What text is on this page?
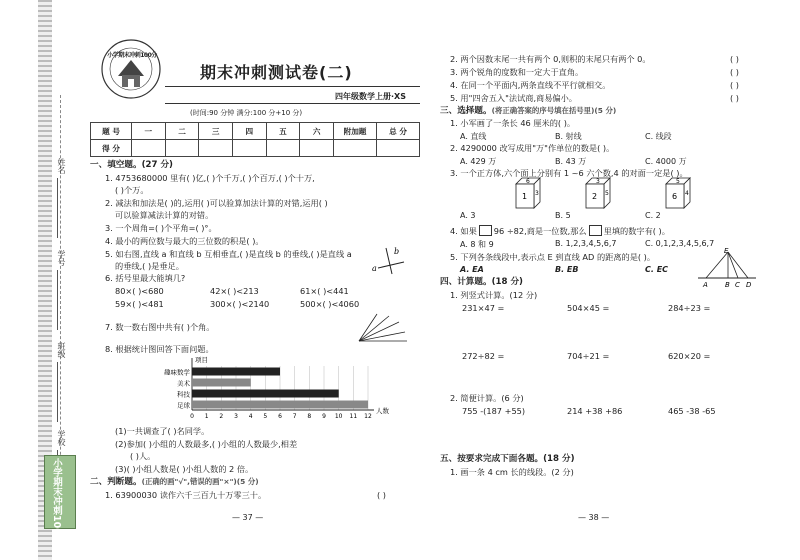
姓名
学号
班级
学校
小学期末冲刺100分
小学期末冲刺100分
期末冲刺测试卷(二)
四年级数学上册·XS
(时间:90 分钟 满分:100 分+10 分)
题 号	一	二	三	四	五	六	附加题	总 分
得 分								
一、填空题。(27 分)
1. 4753680000 里有( )亿,( )个千万,( )个百万,( )个十万,
( )个万。
2. 减法和加法是( )的,运用( )可以验算加法计算的对错,运用( )
可以验算减法计算的对错。
3. 一个周角=( )个平角=( )°。
4. 最小的两位数与最大的三位数的积是( )。
5. 如右图,直线 a 和直线 b 互相垂直,( )是直线 b 的垂线,( )是直线 a
的垂线,( )是垂足。	a
b
6. 括号里最大能填几?
80×( )<680	42×( )<213	61×( )<441
59×( )<481	300×( )<2140	500×( )<4060
7. 数一数右图中共有( )个角。
8. 根据统计图回答下面问题。
项目
人数
趣味数学
美术
科技
足球
0 1 2 3 4 5 6 7 8 9 10 11 12
(1)一共调查了( )名同学。
(2)参加( )小组的人数最多,( )小组的人数最少,相差
( )人。
(3)( )小组人数是( )小组人数的 2 倍。
二、判断题。(正确的画"√",错误的画"×")(5 分)
1. 63900030 读作六千三百九十万零三十。	( )
— 37 —
2. 两个因数末尾一共有两个 0,则积的末尾只有两个 0。	( )
3. 两个锐角的度数和一定大于直角。	( )
4. 在同一个平面内,两条直线不平行就相交。	( )
5. 用"四舍五入"法试商,商易偏小。	( )
三、选择题。(将正确答案的序号填在括号里)(5 分)
1. 小军画了一条长 46 厘米的( )。
A. 直线	B. 射线	C. 线段
2. 4290000 改写成用"万"作单位的数是( )。
A. 429 万	B. 43 万	C. 4000 万
3. 一个正方体,六个面上分别有 1 ~6 六个数,4 的对面一定是( )。
6
1 3
3
2 5
5
6 4
A. 3	B. 5	C. 2
4. 如果 96 ÷82,商是一位数,那么 里填的数字有( )。
A. 8 和 9	B. 1,2,3,4,5,6,7	C. 0,1,2,3,4,5,6,7
5. 下列各条线段中,表示点 E 到直线 AD 的距离的是( )。
A. EA	B. EB	C. EC
E
A B C D
四、计算题。(18 分)
1. 列竖式计算。(12 分)
231×47 =	504×45 =	284÷23 =
272÷82 =	704÷21 =	620×20 =
2. 简便计算。(6 分)
755 -(187 +55)	214 +38 +86	465 -38 -65
五、按要求完成下面各题。(18 分)
1. 画一条 4 cm 长的线段。(2 分)
— 38 —
